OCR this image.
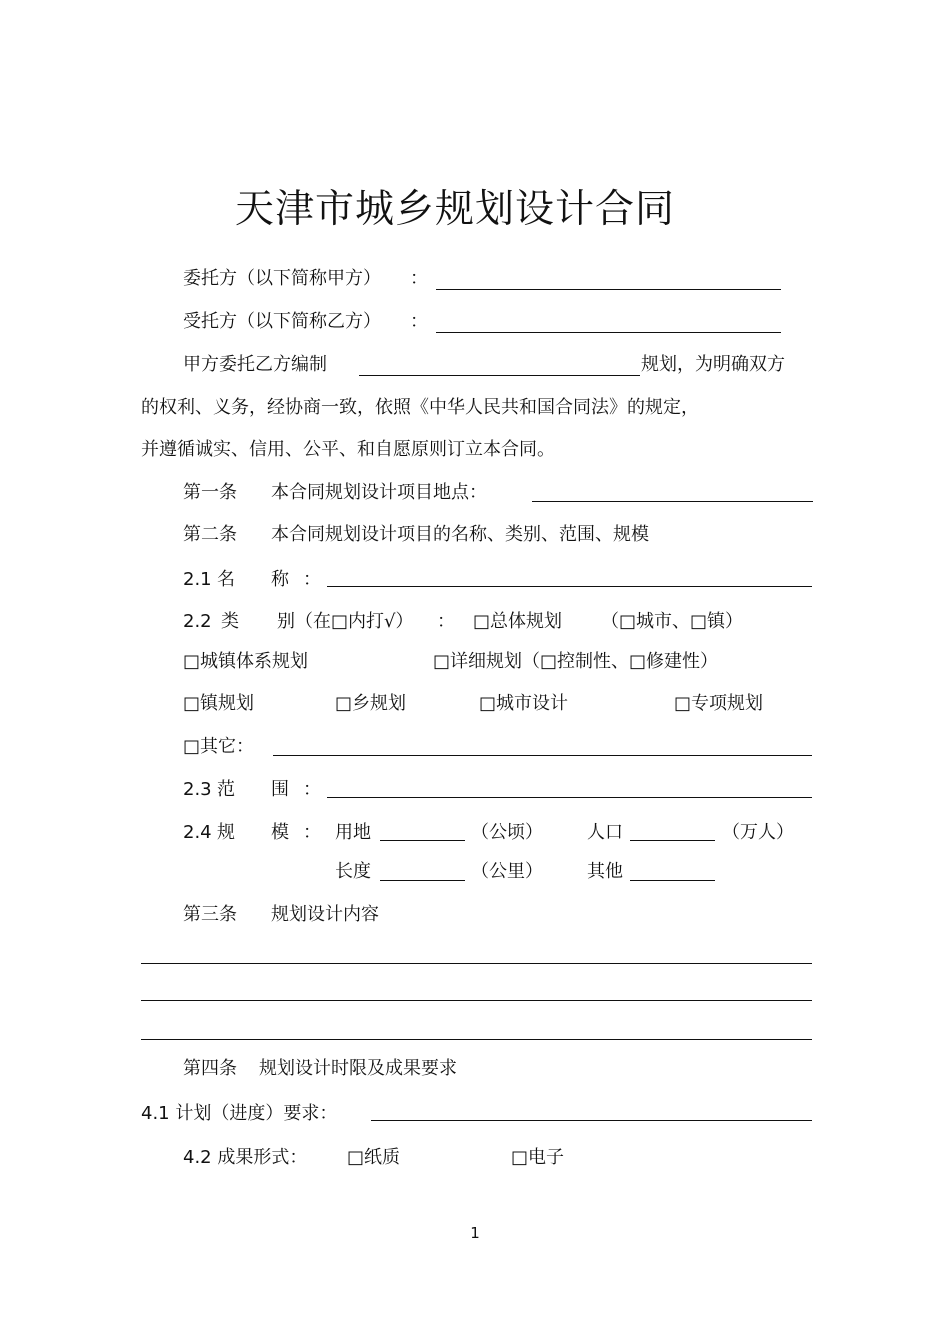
天津市城乡规划设计合同
委托方（以下简称甲方） ：
受托方（以下简称乙方） ：
甲方委托乙方编制	规划，为明确双方
的权利、义务，经协商一致，依照《中华人民共和国合同法》的规定，
并遵循诚实、信用、公平、和自愿原则订立本合同。
第一条 本合同规划设计项目地点：
第二条 本合同规划设计项目的名称、类别、范围、规模
2.1 名 称 ：
2.2 类 别（在□内打√） ： □总体规划 （□城市、□镇）
□城镇体系规划	□详细规划（□控制性、□修建性）
□镇规划	□乡规划	□城市设计	□专项规划
□其它：
2.3 范 围 ：
2.4 规 模 ： 用地	（公顷） 人口	（万人）
长度	（公里） 其他
第三条 规划设计内容
第四条 规划设计时限及成果要求
4.1 计划（进度）要求：
4.2 成果形式： □纸质	□电子
1
